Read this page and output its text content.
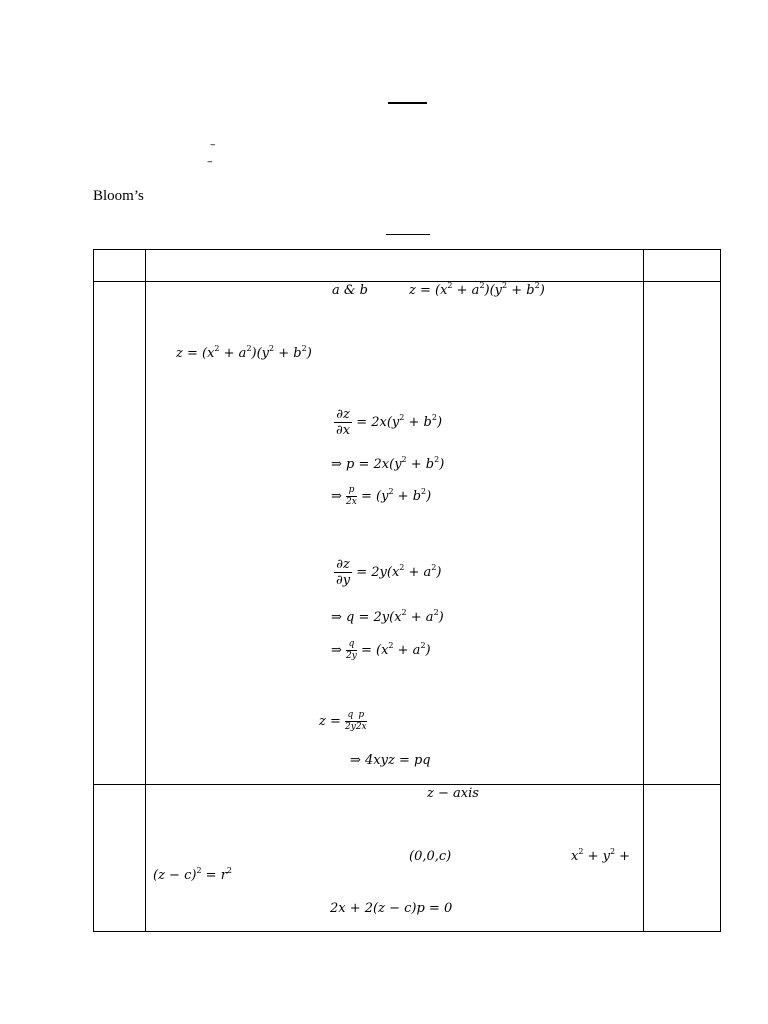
–
–
Bloom’s

a & b	$z = (x^2 + a^2)(y^2 + b^2)$
$z = (x^2 + a^2)(y^2 + b^2)$
$\frac{\partial z}{\partial x} = 2x(y^2 + b^2)$
⇒ $p = 2x(y^2 + b^2)$
⇒ $\frac{p}{2x} = (y^2 + b^2)$
$\frac{\partial z}{\partial y} = 2y(x^2 + a^2)$
⇒ $q = 2y(x^2 + a^2)$
⇒ $\frac{q}{2y} = (x^2 + a^2)$
$z = \frac{q}{2y} \frac{p}{2x}$
⇒ 4xyz = pq
z − axis
(0,0,c)	$x^2 + y^2$ +
$(z - c)^2 = r^2$
2x + 2(z − c)p = 0
